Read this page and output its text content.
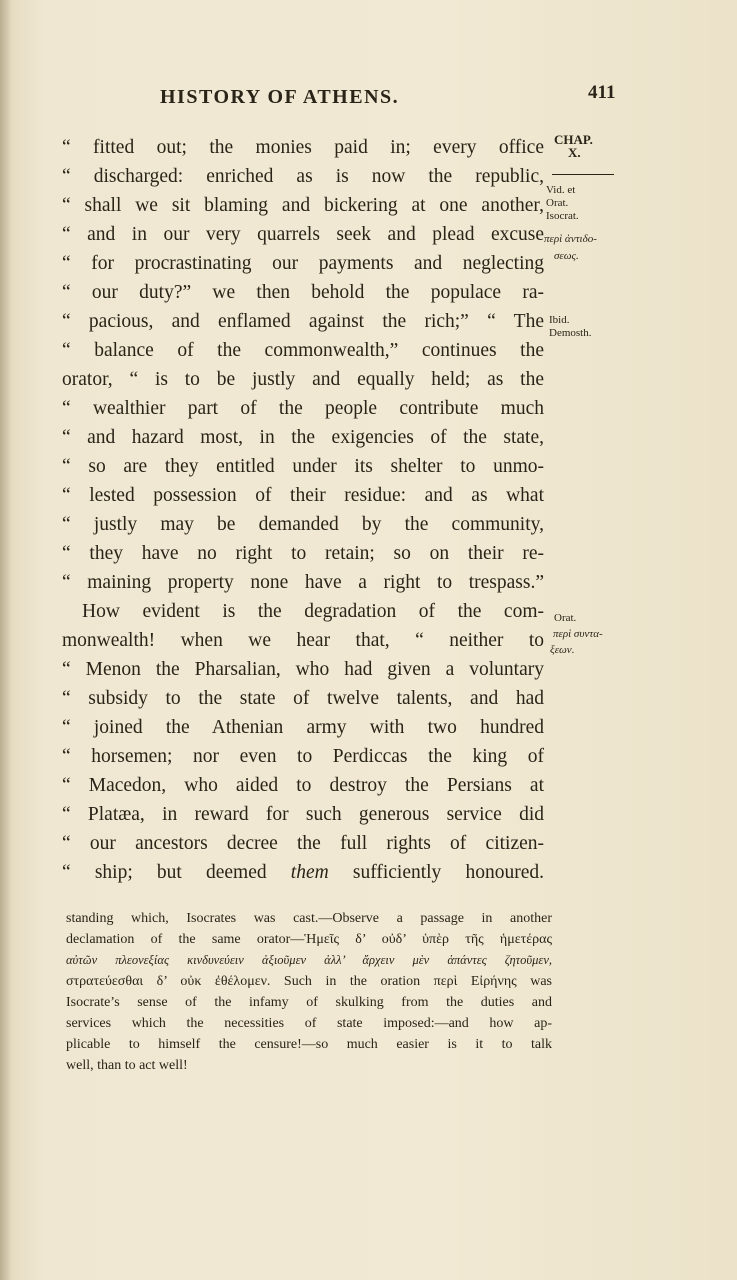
HISTORY OF ATHENS.	411
CHAP.
X.
Vid. et
Orat.
Isocrat.
περὶ ἀντιδο-
σεως.
Ibid.
Demosth.
Orat.
περὶ συντα-
ξεων.
“ fitted out; the monies paid in; every office
“ discharged: enriched as is now the republic,
“ shall we sit blaming and bickering at one another,
“ and in our very quarrels seek and plead excuse
“ for procrastinating our payments and neglecting
“ our duty?” we then behold the populace ra-
“ pacious, and enflamed against the rich;” “ The
“ balance of the commonwealth,” continues the
orator, “ is to be justly and equally held; as the
“ wealthier part of the people contribute much
“ and hazard most, in the exigencies of the state,
“ so are they entitled under its shelter to unmo-
“ lested possession of their residue: and as what
“ justly may be demanded by the community,
“ they have no right to retain; so on their re-
“ maining property none have a right to trespass.”
How evident is the degradation of the com-
monwealth! when we hear that, “ neither to
“ Menon the Pharsalian, who had given a voluntary
“ subsidy to the state of twelve talents, and had
“ joined the Athenian army with two hundred
“ horsemen; nor even to Perdiccas the king of
“ Macedon, who aided to destroy the Persians at
“ Platæa, in reward for such generous service did
“ our ancestors decree the full rights of citizen-
“ ship; but deemed them sufficiently honoured.
standing which, Isocrates was cast.—Observe a passage in another
declamation of the same orator—Ἡμεῖς δ’ οὐδ’ ὑπὲρ τῆς ἡμετέρας
αὐτῶν πλεονεξίας κινδυνεύειν ἀξιοῦμεν ἀλλ’ ἄρχειν μὲν ἁπάντες ζητοῦμεν,
στρατεύεσθαι δ’ οὐκ ἐθέλομεν. Such in the oration περὶ Εἰρήνης was
Isocrate’s sense of the infamy of skulking from the duties and
services which the necessities of state imposed:—and how ap-
plicable to himself the censure!—so much easier is it to talk
well, than to act well!
